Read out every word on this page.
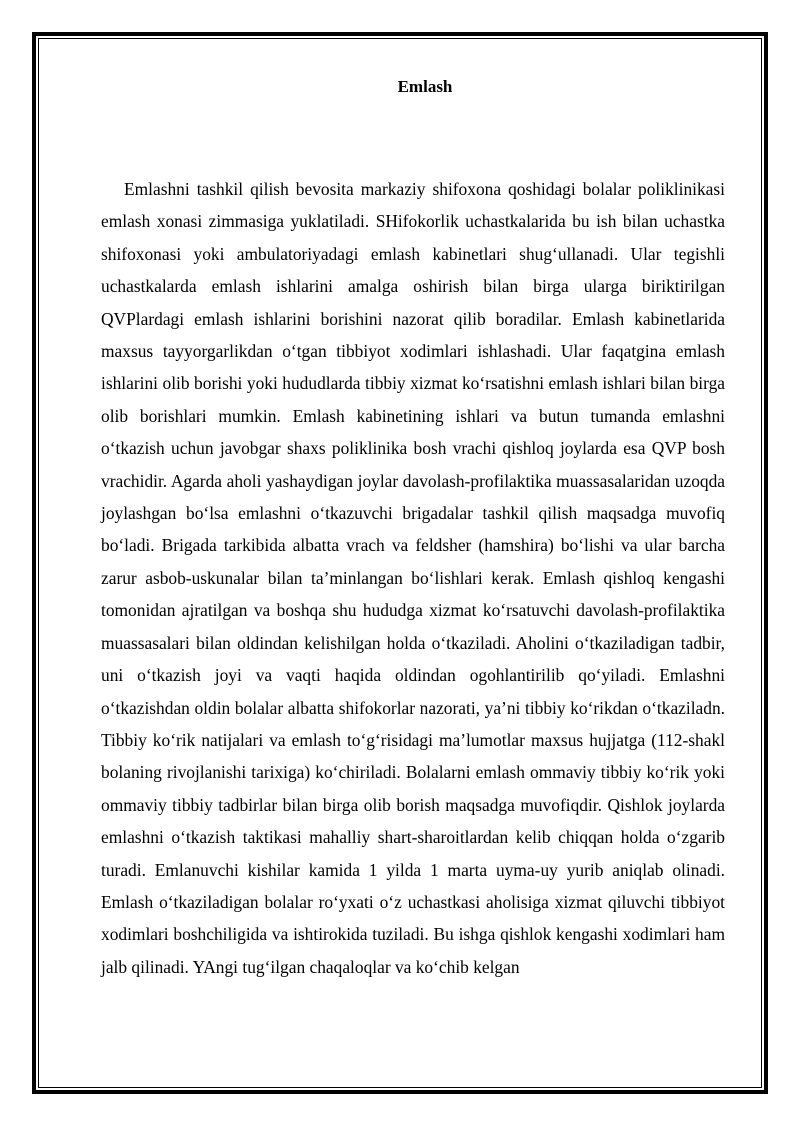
Emlash

Emlashni tashkil qilish bevosita markaziy shifoxona qoshidagi bolalar poliklinikasi emlash xonasi zimmasiga yuklatiladi. SHifokorlik uchastkalarida bu ish bilan uchastka shifoxonasi yoki ambulatoriyadagi emlash kabinetlari shug‘ullanadi. Ular tegishli uchastkalarda emlash ishlarini amalga oshirish bilan birga ularga biriktirilgan QVPlardagi emlash ishlarini borishini nazorat qilib boradilar. Emlash kabinetlarida maxsus tayyorgarlikdan o‘tgan tibbiyot xodimlari ishlashadi. Ular faqatgina emlash ishlarini olib borishi yoki hududlarda tibbiy xizmat ko‘rsatishni emlash ishlari bilan birga olib borishlari mumkin. Emlash kabinetining ishlari va butun tumanda emlashni o‘tkazish uchun javobgar shaxs poliklinika bosh vrachi qishloq joylarda esa QVP bosh vrachidir. Agarda aholi yashaydigan joylar davolash-profilaktika muassasalaridan uzoqda joylashgan bo‘lsa emlashni o‘tkazuvchi brigadalar tashkil qilish maqsadga muvofiq bo‘ladi. Brigada tarkibida albatta vrach va feldsher (hamshira) bo‘lishi va ular barcha zarur asbob-uskunalar bilan ta’minlangan bo‘lishlari kerak. Emlash qishloq kengashi tomonidan ajratilgan va boshqa shu hududga xizmat ko‘rsatuvchi davolash-profilaktika muassasalari bilan oldindan kelishilgan holda o‘tkaziladi. Aholini o‘tkaziladigan tadbir, uni o‘tkazish joyi va vaqti haqida oldindan ogohlantirilib qo‘yiladi. Emlashni o‘tkazishdan oldin bolalar albatta shifokorlar nazorati, ya’ni tibbiy ko‘rikdan o‘tkaziladn. Tibbiy ko‘rik natijalari va emlash to‘g‘risidagi ma’lumotlar maxsus hujjatga (112-shakl bolaning rivojlanishi tarixiga) ko‘chiriladi. Bolalarni emlash ommaviy tibbiy ko‘rik yoki ommaviy tibbiy tadbirlar bilan birga olib borish maqsadga muvofiqdir. Qishlok joylarda emlashni o‘tkazish taktikasi mahalliy shart-sharoitlardan kelib chiqqan holda o‘zgarib turadi. Emlanuvchi kishilar kamida 1 yilda 1 marta uyma-uy yurib aniqlab olinadi. Emlash o‘tkaziladigan bolalar ro‘yxati o‘z uchastkasi aholisiga xizmat qiluvchi tibbiyot xodimlari boshchiligida va ishtirokida tuziladi. Bu ishga qishlok kengashi xodimlari ham jalb qilinadi. YAngi tug‘ilgan chaqaloqlar va ko‘chib kelgan
